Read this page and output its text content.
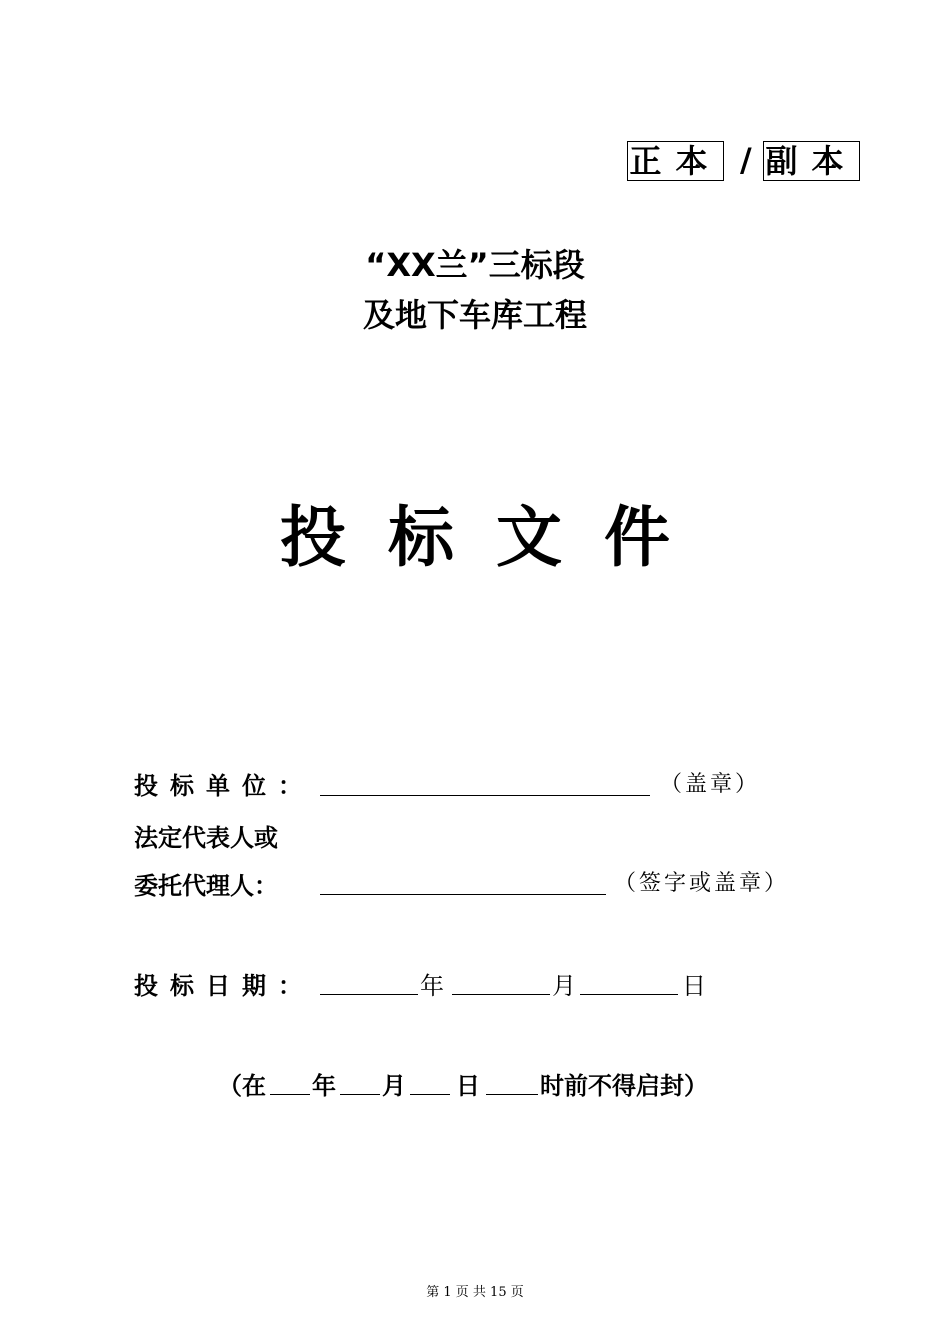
正本 / 副本
“XX兰”三标段
及地下车库工程
投标文件
投标单位：	（盖章）
法定代表人或
委托代理人：	（签字或盖章）
投标日期：	年	月	日
（在 年 月 日	时前不得启封）
第 1 页 共 15 页
